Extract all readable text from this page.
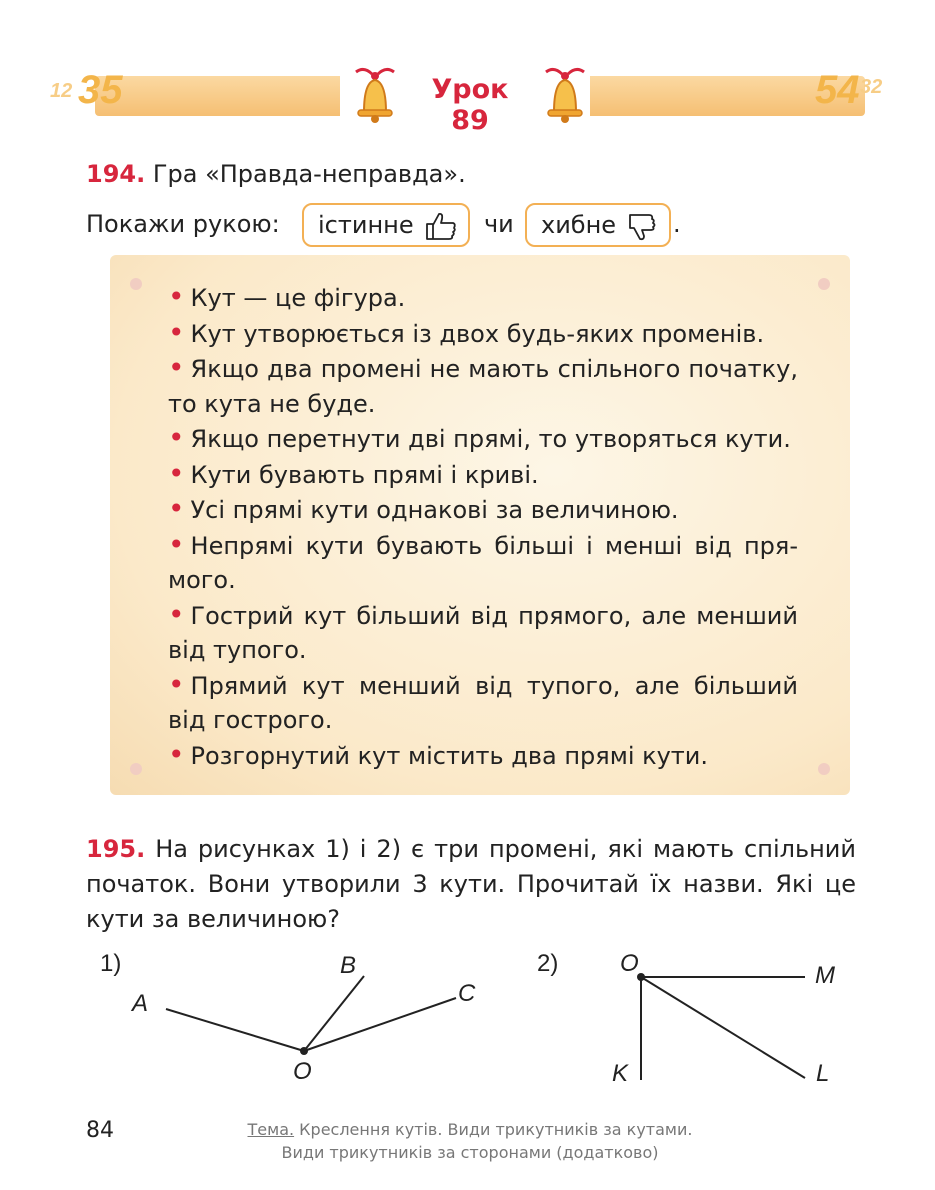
12 35	54 32
Урок 89
194. Гра «Правда-неправда».
Покажи рукою:	істинне	чи	хибне	.
• Кут — це фігура.
• Кут утворюється із двох будь-яких променів.
• Якщо два промені не мають спільного початку, то кута не буде.
• Якщо перетнути дві прямі, то утворяться кути.
• Кути бувають прямі і криві.
• Усі прямі кути однакові за величиною.
• Непрямі кути бувають більші і менші від прямого.
• Гострий кут більший від прямого, але менший від тупого.
• Прямий кут менший від тупого, але більший від гострого.
• Розгорнутий кут містить два прямі кути.
195. На рисунках 1) і 2) є три промені, які мають спільний початок. Вони утворили 3 кути. Прочитай їх назви. Які це кути за величиною?
1)
A
B
C
O
2)	O	M
K	L
84	Тема. Креслення кутів. Види трикутників за кутами.
Види трикутників за сторонами (додатково)
